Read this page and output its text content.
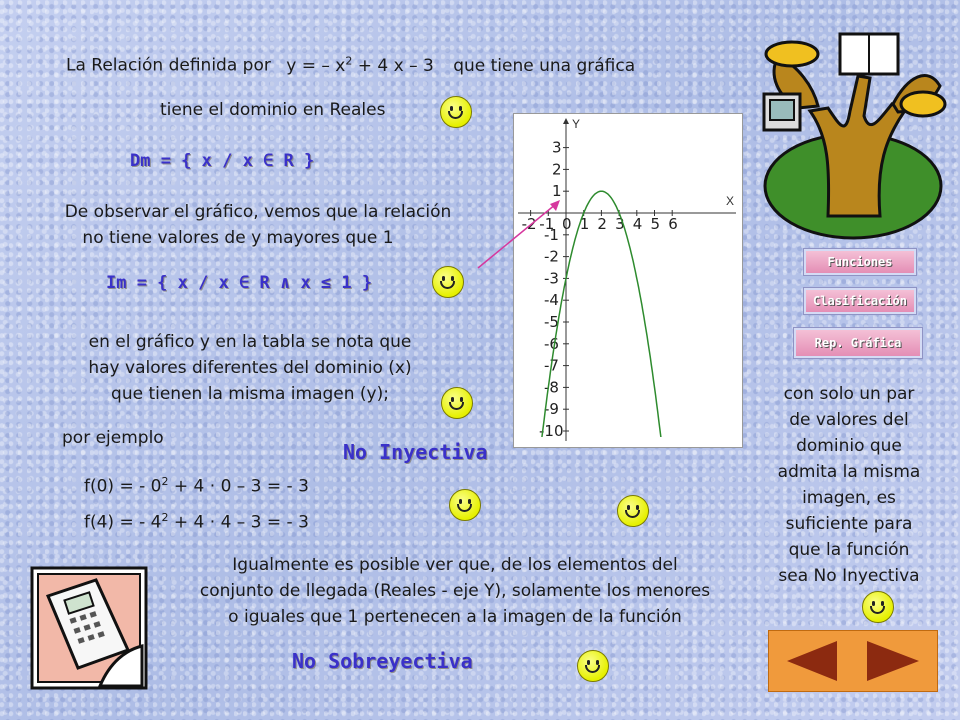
La Relación definida por y = – $x^2 + 4$ x – 3 que tiene una gráfica
tiene el dominio en Reales
Dm = { x / x ∈ R }
De observar el gráfico, vemos que la relación
no tiene valores de y mayores que 1
Im = { x / x ∈ R ∧ x ≤ 1 }
en el gráfico y en la tabla se nota que
hay valores diferentes del dominio (x)
que tienen la misma imagen (y);
por ejemplo
f(0) = - $0^2 + 4 \cdot 0 - 3$ = - 3
f(4) = - $4^2 + 4 \cdot 4 - 3$ = - 3
No Inyectiva
X
Y
-2 -1 0 1 2 3 4 5 6
3
2
1
-1
-2
-3
-4
-5
-6
-7
-8
-9
-10
Funciones
Clasificación
Rep. Gráfica
con solo un par
de valores del
dominio que
admita la misma
imagen, es
suficiente para
que la función
sea No Inyectiva
Igualmente es posible ver que, de los elementos del
conjunto de llegada (Reales - eje Y), solamente los menores
o iguales que 1 pertenecen a la imagen de la función
No Sobreyectiva
